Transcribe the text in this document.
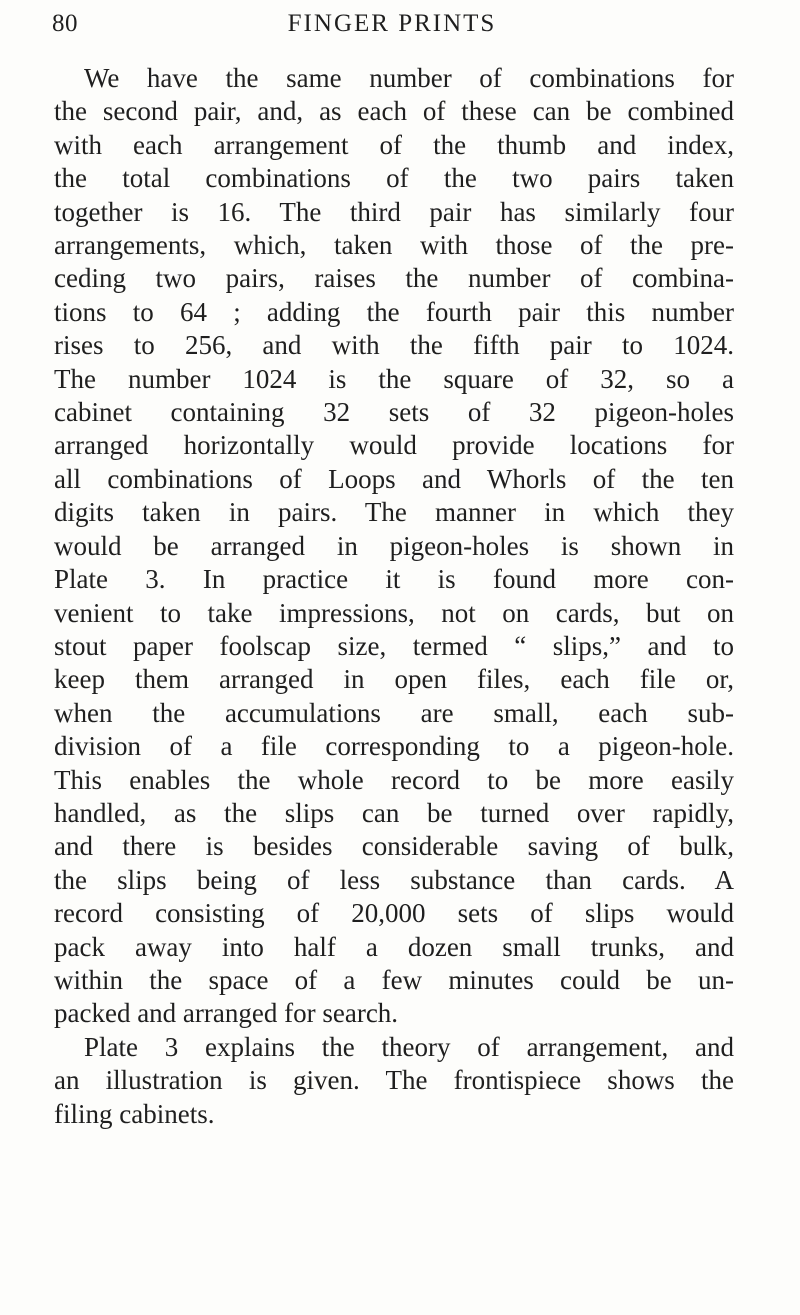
80	FINGER PRINTS

We have the same number of combinations for
the second pair, and, as each of these can be combined
with each arrangement of the thumb and index,
the total combinations of the two pairs taken
together is 16. The third pair has similarly four
arrangements, which, taken with those of the pre-
ceding two pairs, raises the number of combina-
tions to 64 ; adding the fourth pair this number
rises to 256, and with the fifth pair to 1024.
The number 1024 is the square of 32, so a
cabinet containing 32 sets of 32 pigeon-holes
arranged horizontally would provide locations for
all combinations of Loops and Whorls of the ten
digits taken in pairs. The manner in which they
would be arranged in pigeon-holes is shown in
Plate 3. In practice it is found more con-
venient to take impressions, not on cards, but on
stout paper foolscap size, termed “ slips,” and to
keep them arranged in open files, each file or,
when the accumulations are small, each sub-
division of a file corresponding to a pigeon-hole.
This enables the whole record to be more easily
handled, as the slips can be turned over rapidly,
and there is besides considerable saving of bulk,
the slips being of less substance than cards. A
record consisting of 20,000 sets of slips would
pack away into half a dozen small trunks, and
within the space of a few minutes could be un-
packed and arranged for search.

Plate 3 explains the theory of arrangement, and
an illustration is given. The frontispiece shows the
filing cabinets.
